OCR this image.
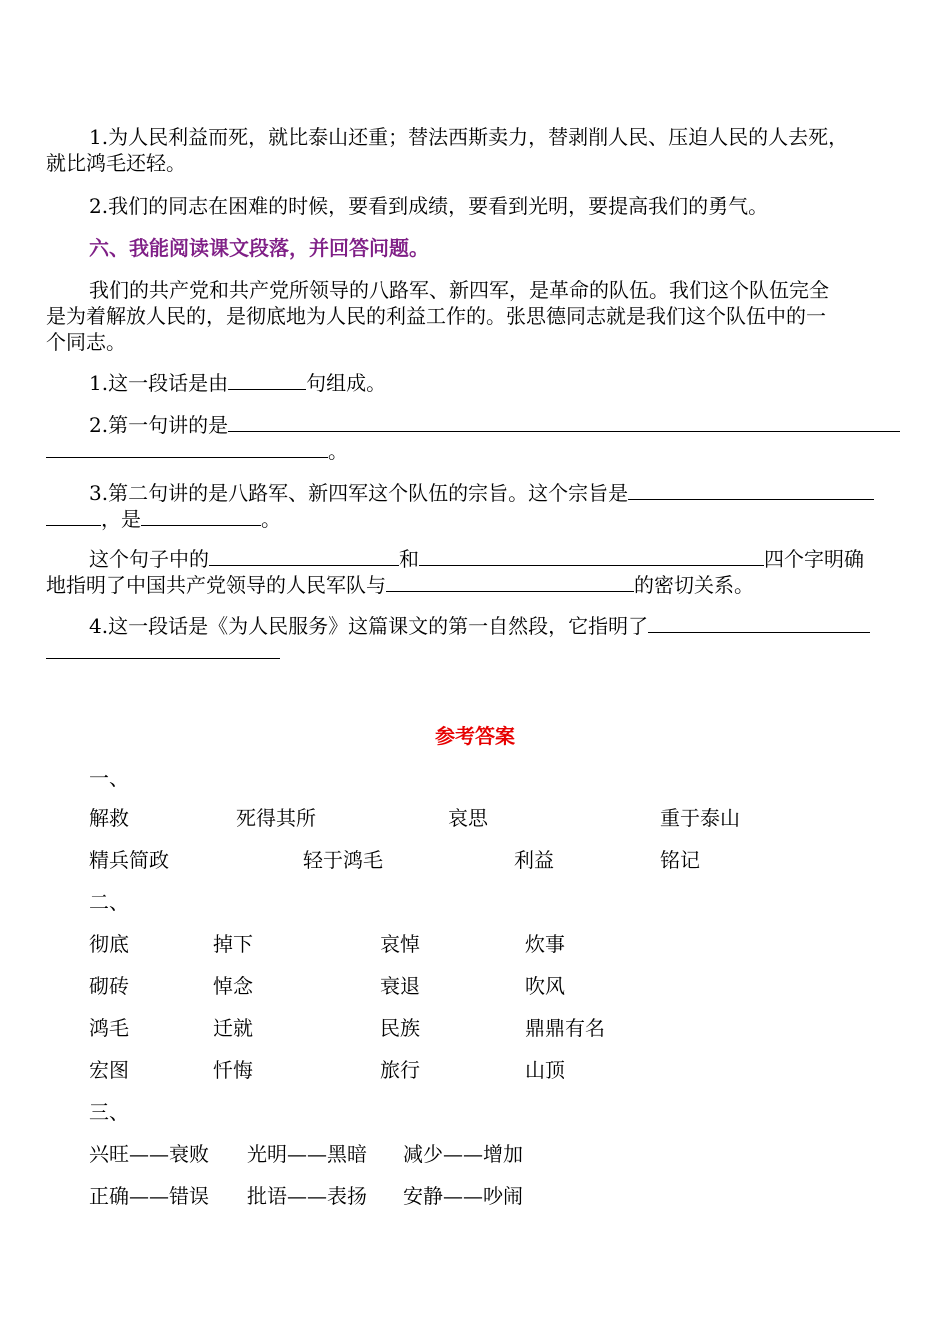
1.为人民利益而死，就比泰山还重；替法西斯卖力，替剥削人民、压迫人民的人去死，
就比鸿毛还轻。
2.我们的同志在困难的时候，要看到成绩，要看到光明，要提高我们的勇气。
六、我能阅读课文段落，并回答问题。
我们的共产党和共产党所领导的八路军、新四军，是革命的队伍。我们这个队伍完全
是为着解放人民的，是彻底地为人民的利益工作的。张思德同志就是我们这个队伍中的一
个同志。
1.这一段话是由	句组成。
2.第一句讲的是
。
3.第二句讲的是八路军、新四军这个队伍的宗旨。这个宗旨是
，是	。
这个句子中的	和	四个字明确
地指明了中国共产党领导的人民军队与	的密切关系。
4.这一段话是《为人民服务》这篇课文的第一自然段，它指明了
参考答案
一、
解救	死得其所	哀思	重于泰山
精兵简政	轻于鸿毛	利益	铭记
二、
彻底	掉下	哀悼	炊事
砌砖	悼念	衰退	吹风
鸿毛	迁就	民族	鼎鼎有名
宏图	忏悔	旅行	山顶
三、
兴旺——衰败 光明——黑暗 减少——增加
正确——错误 批语——表扬 安静——吵闹
